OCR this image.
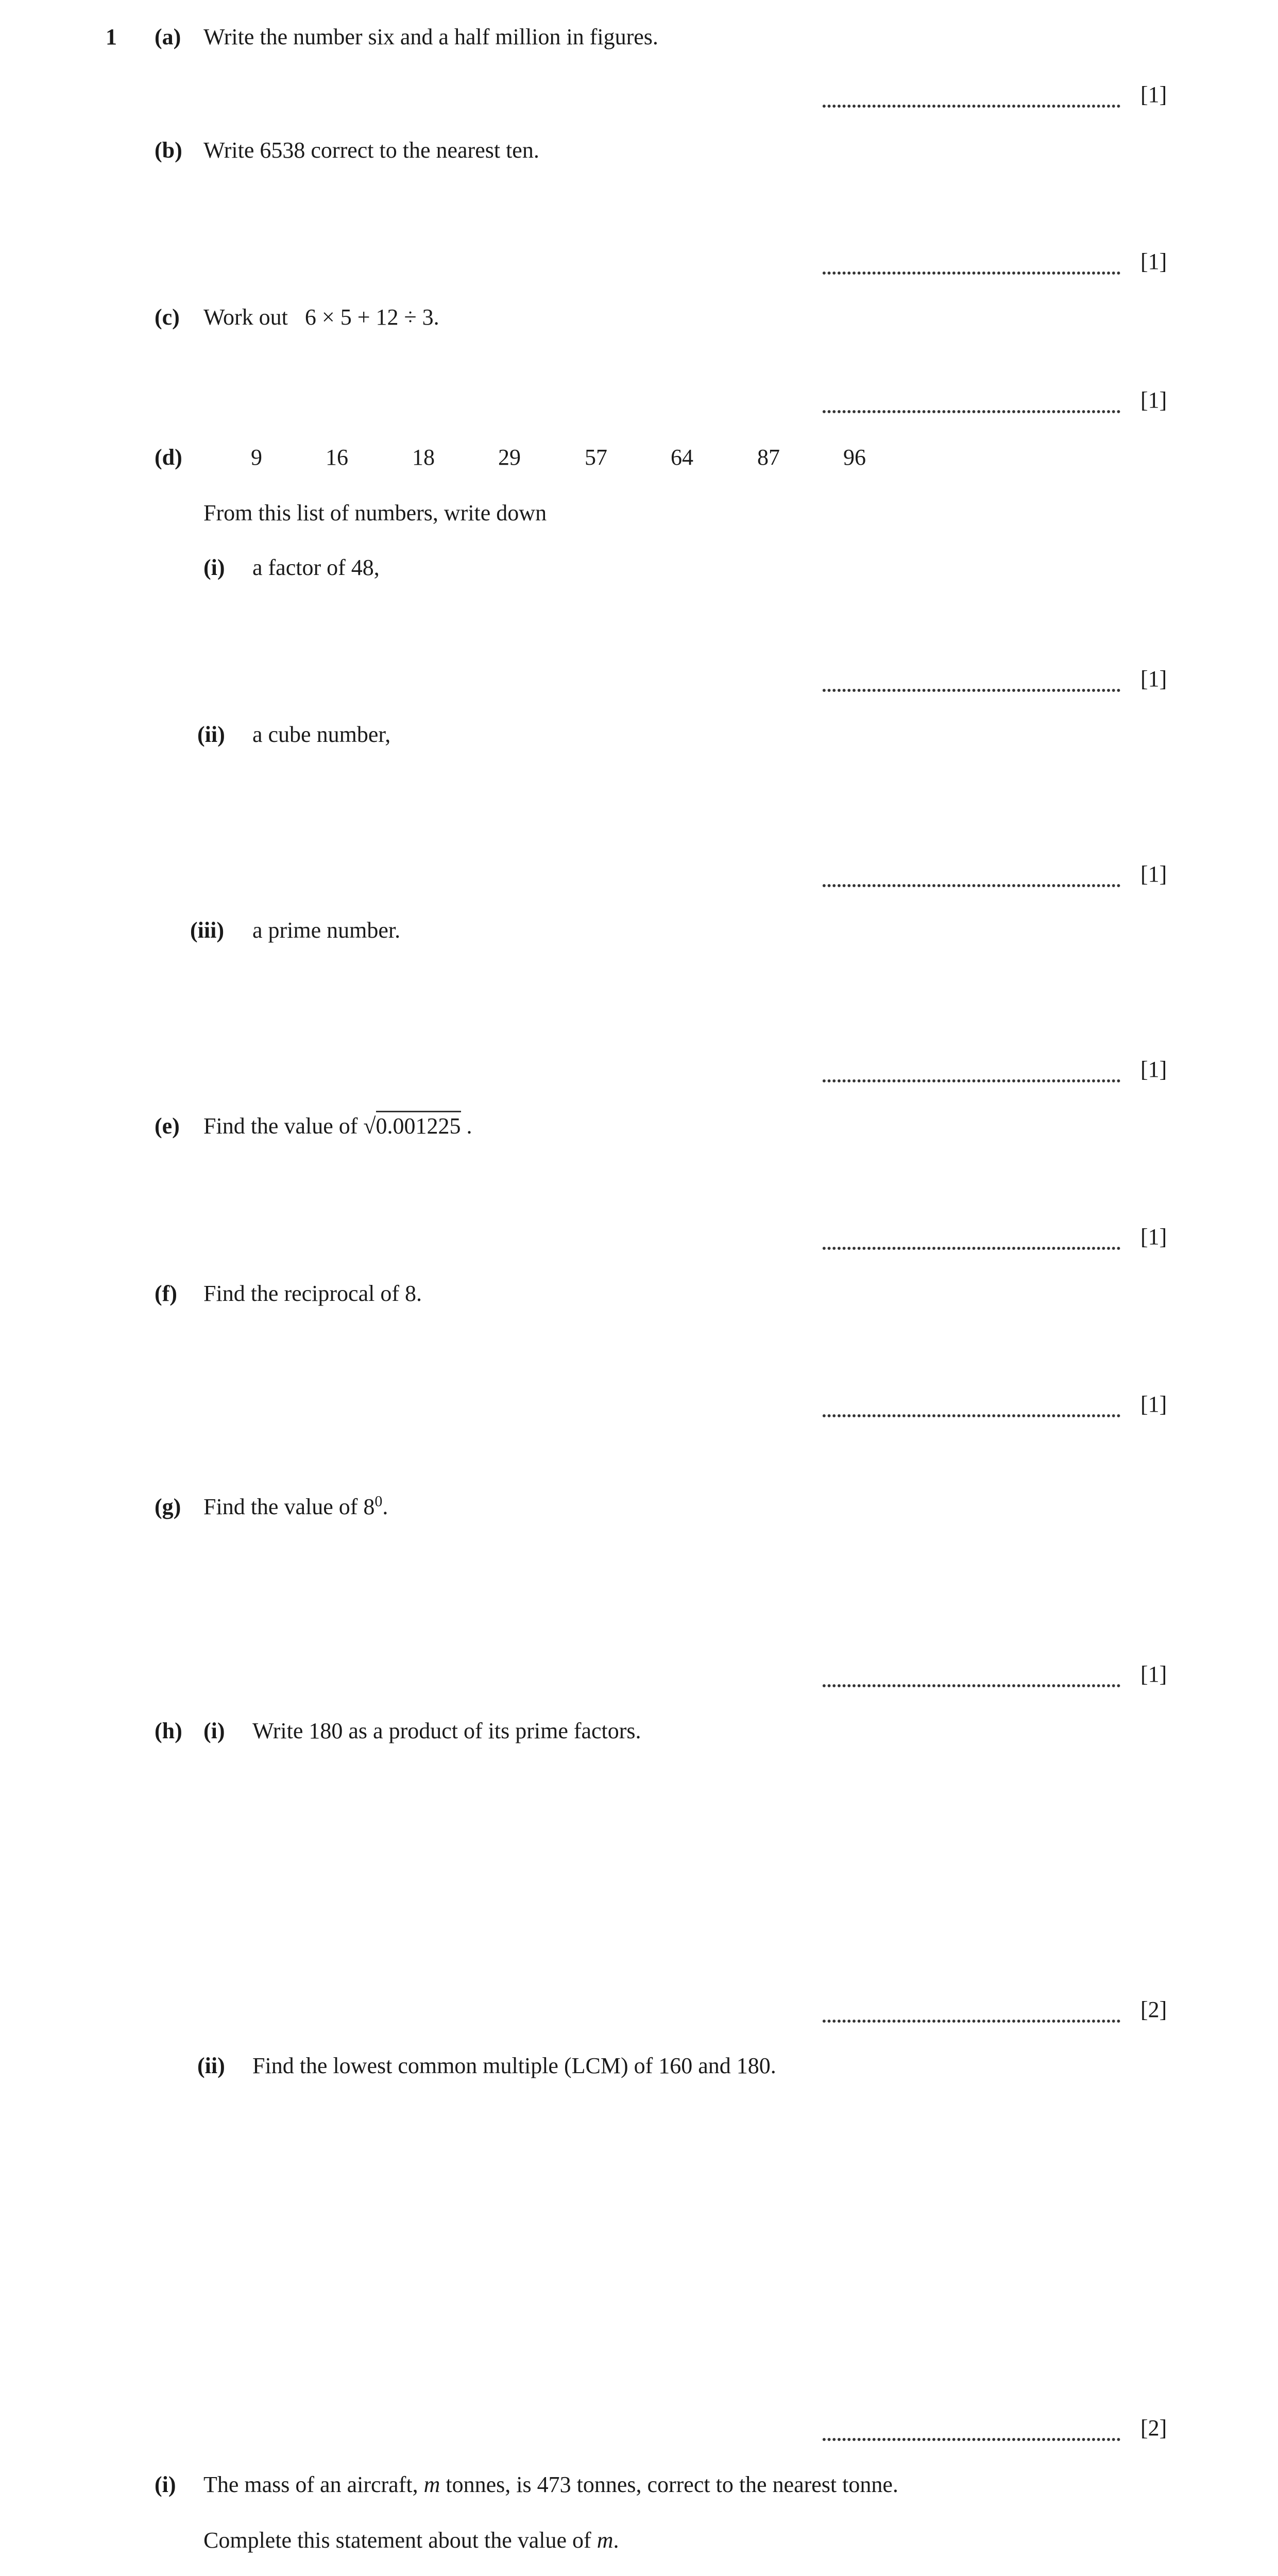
1 (a) Write the number six and a half million in figures.
[1]
(b) Write 6538 correct to the nearest ten.
[1]
(c) Work out 6 × 5 + 12 ÷ 3.
[1]
(d)	9	16	18	29	57	64	87	96
From this list of numbers, write down
(i) a factor of 48,
[1]
(ii) a cube number,
[1]
(iii) a prime number.
[1]
(e) Find the value of √0.001225 .
[1]
(f) Find the reciprocal of 8.
[1]
(g) Find the value of $8^0$.
[1]
(h) (i) Write 180 as a product of its prime factors.
[2]
(ii) Find the lowest common multiple (LCM) of 160 and 180.
[2]
(i) The mass of an aircraft, m tonnes, is 473 tonnes, correct to the nearest tonne.
Complete this statement about the value of m.
